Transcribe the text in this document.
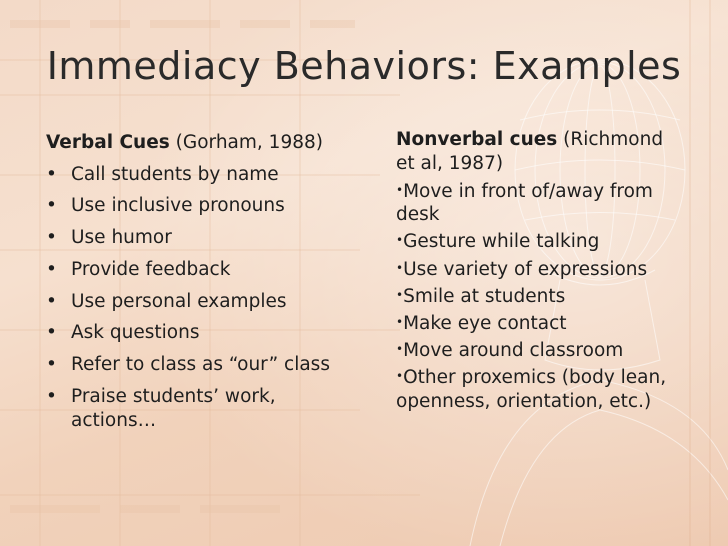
Immediacy Behaviors: Examples
Verbal Cues (Gorham, 1988)
• Call students by name
• Use inclusive pronouns
• Use humor
• Provide feedback
• Use personal examples
• Ask questions
• Refer to class as “our” class
• Praise students’ work, actions…
Nonverbal cues (Richmond et al, 1987)
•Move in front of/away from desk
•Gesture while talking
•Use variety of expressions
•Smile at students
•Make eye contact
•Move around classroom
•Other proxemics (body lean, openness, orientation, etc.)
